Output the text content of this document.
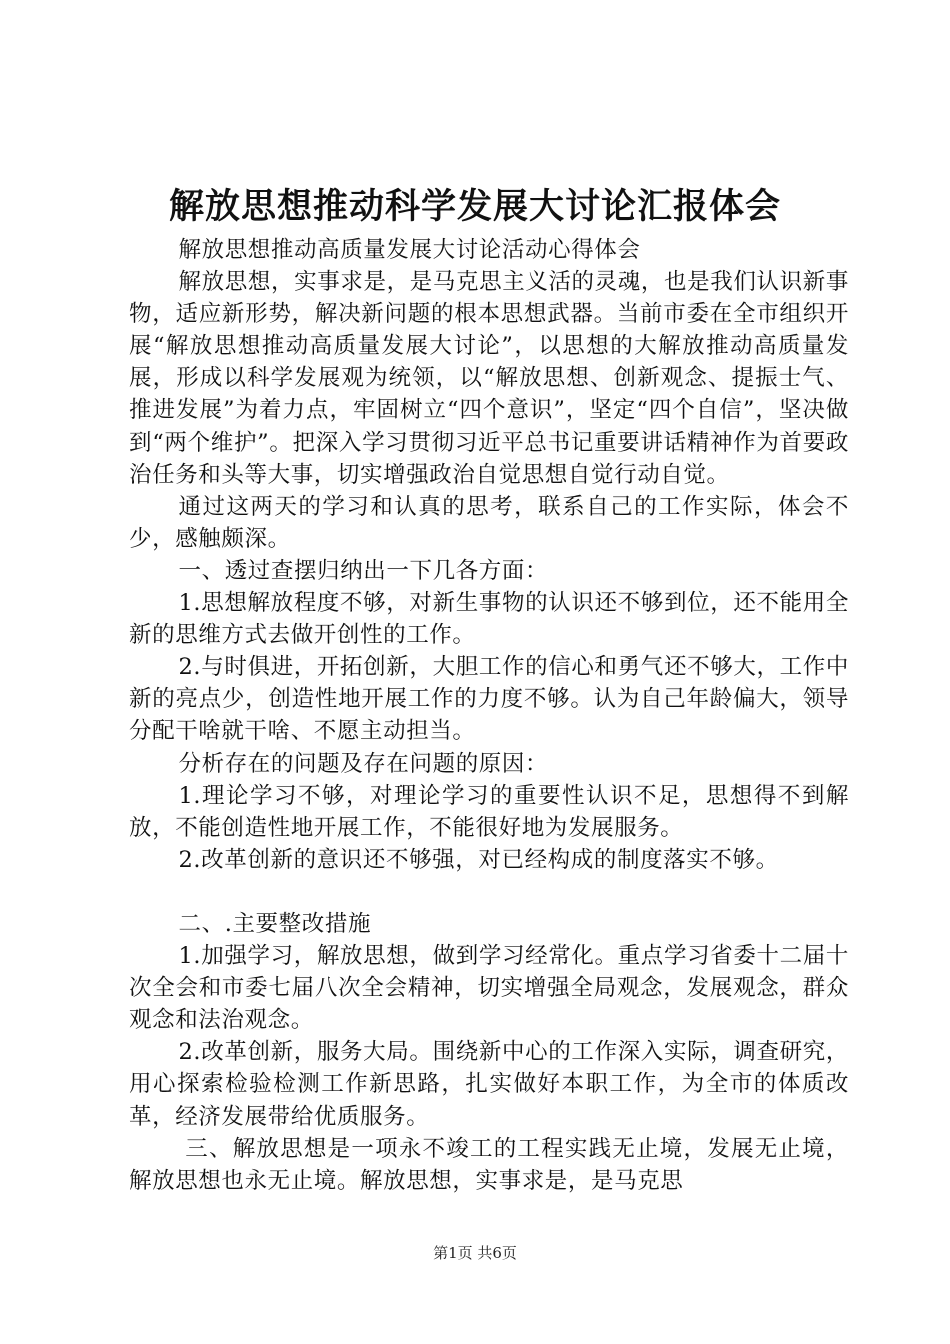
解放思想推动科学发展大讨论汇报体会

解放思想推动高质量发展大讨论活动心得体会

解放思想，实事求是，是马克思主义活的灵魂，也是我们认识新事物，适应新形势，解决新问题的根本思想武器。当前市委在全市组织开展“解放思想推动高质量发展大讨论”，以思想的大解放推动高质量发展，形成以科学发展观为统领，以“解放思想、创新观念、提振士气、推进发展”为着力点，牢固树立“四个意识”，坚定“四个自信”，坚决做到“两个维护”。把深入学习贯彻习近平总书记重要讲话精神作为首要政治任务和头等大事，切实增强政治自觉思想自觉行动自觉。

通过这两天的学习和认真的思考，联系自己的工作实际，体会不少，感触颇深。

一、透过查摆归纳出一下几各方面：

1.思想解放程度不够，对新生事物的认识还不够到位，还不能用全新的思维方式去做开创性的工作。

2.与时俱进，开拓创新，大胆工作的信心和勇气还不够大，工作中新的亮点少，创造性地开展工作的力度不够。认为自己年龄偏大，领导分配干啥就干啥、不愿主动担当。

分析存在的问题及存在问题的原因：

1.理论学习不够，对理论学习的重要性认识不足，思想得不到解放，不能创造性地开展工作，不能很好地为发展服务。

2.改革创新的意识还不够强，对已经构成的制度落实不够。

二、.主要整改措施

1.加强学习，解放思想，做到学习经常化。重点学习省委十二届十次全会和市委七届八次全会精神，切实增强全局观念，发展观念，群众观念和法治观念。

2.改革创新，服务大局。围绕新中心的工作深入实际，调查研究，用心探索检验检测工作新思路，扎实做好本职工作，为全市的体质改革，经济发展带给优质服务。

三、解放思想是一项永不竣工的工程实践无止境，发展无止境，解放思想也永无止境。解放思想，实事求是，是马克思

第1页 共6页
